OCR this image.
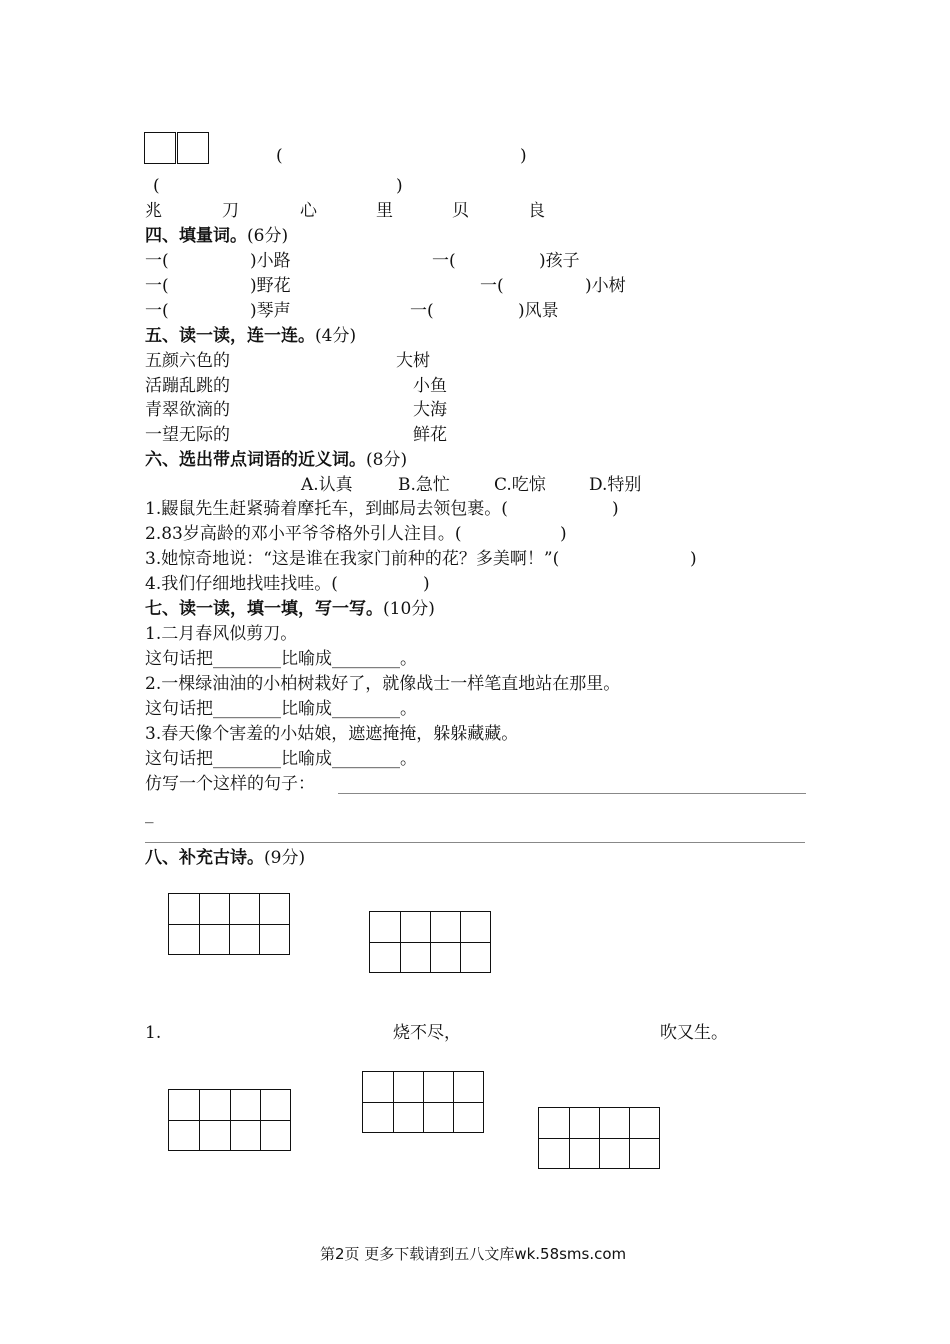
(	)
(	)
兆	刀	心	里	贝	良
四、填量词。(6分)
一(	)小路	一(	)孩子
一(	)野花	一(	)小树
一(	)琴声	一(	)风景
五、读一读，连一连。(4分)
五颜六色的
活蹦乱跳的
青翠欲滴的
一望无际的
大树
小鱼
大海
鲜花
六、选出带点词语的近义词。(8分)
A.认真	B.急忙	C.吃惊	D.特别
1.鼹鼠先生赶紧骑着摩托车，到邮局去领包裹。(	)
2.83岁高龄的邓小平爷爷格外引人注目。(	)
3.她惊奇地说：“这是谁在我家门前种的花？多美啊！”(	)
4.我们仔细地找哇找哇。(	)
七、读一读，填一填，写一写。(10分)
1.二月春风似剪刀。
这句话把________比喻成________。
2.一棵绿油油的小柏树栽好了，就像战士一样笔直地站在那里。
这句话把________比喻成________。
3.春天像个害羞的小姑娘，遮遮掩掩，躲躲藏藏。
这句话把________比喻成________。
仿写一个这样的句子：
_
八、补充古诗。(9分)
1.	烧不尽，	吹又生。
第2页 更多下载请到五八文库wk.58sms.com
